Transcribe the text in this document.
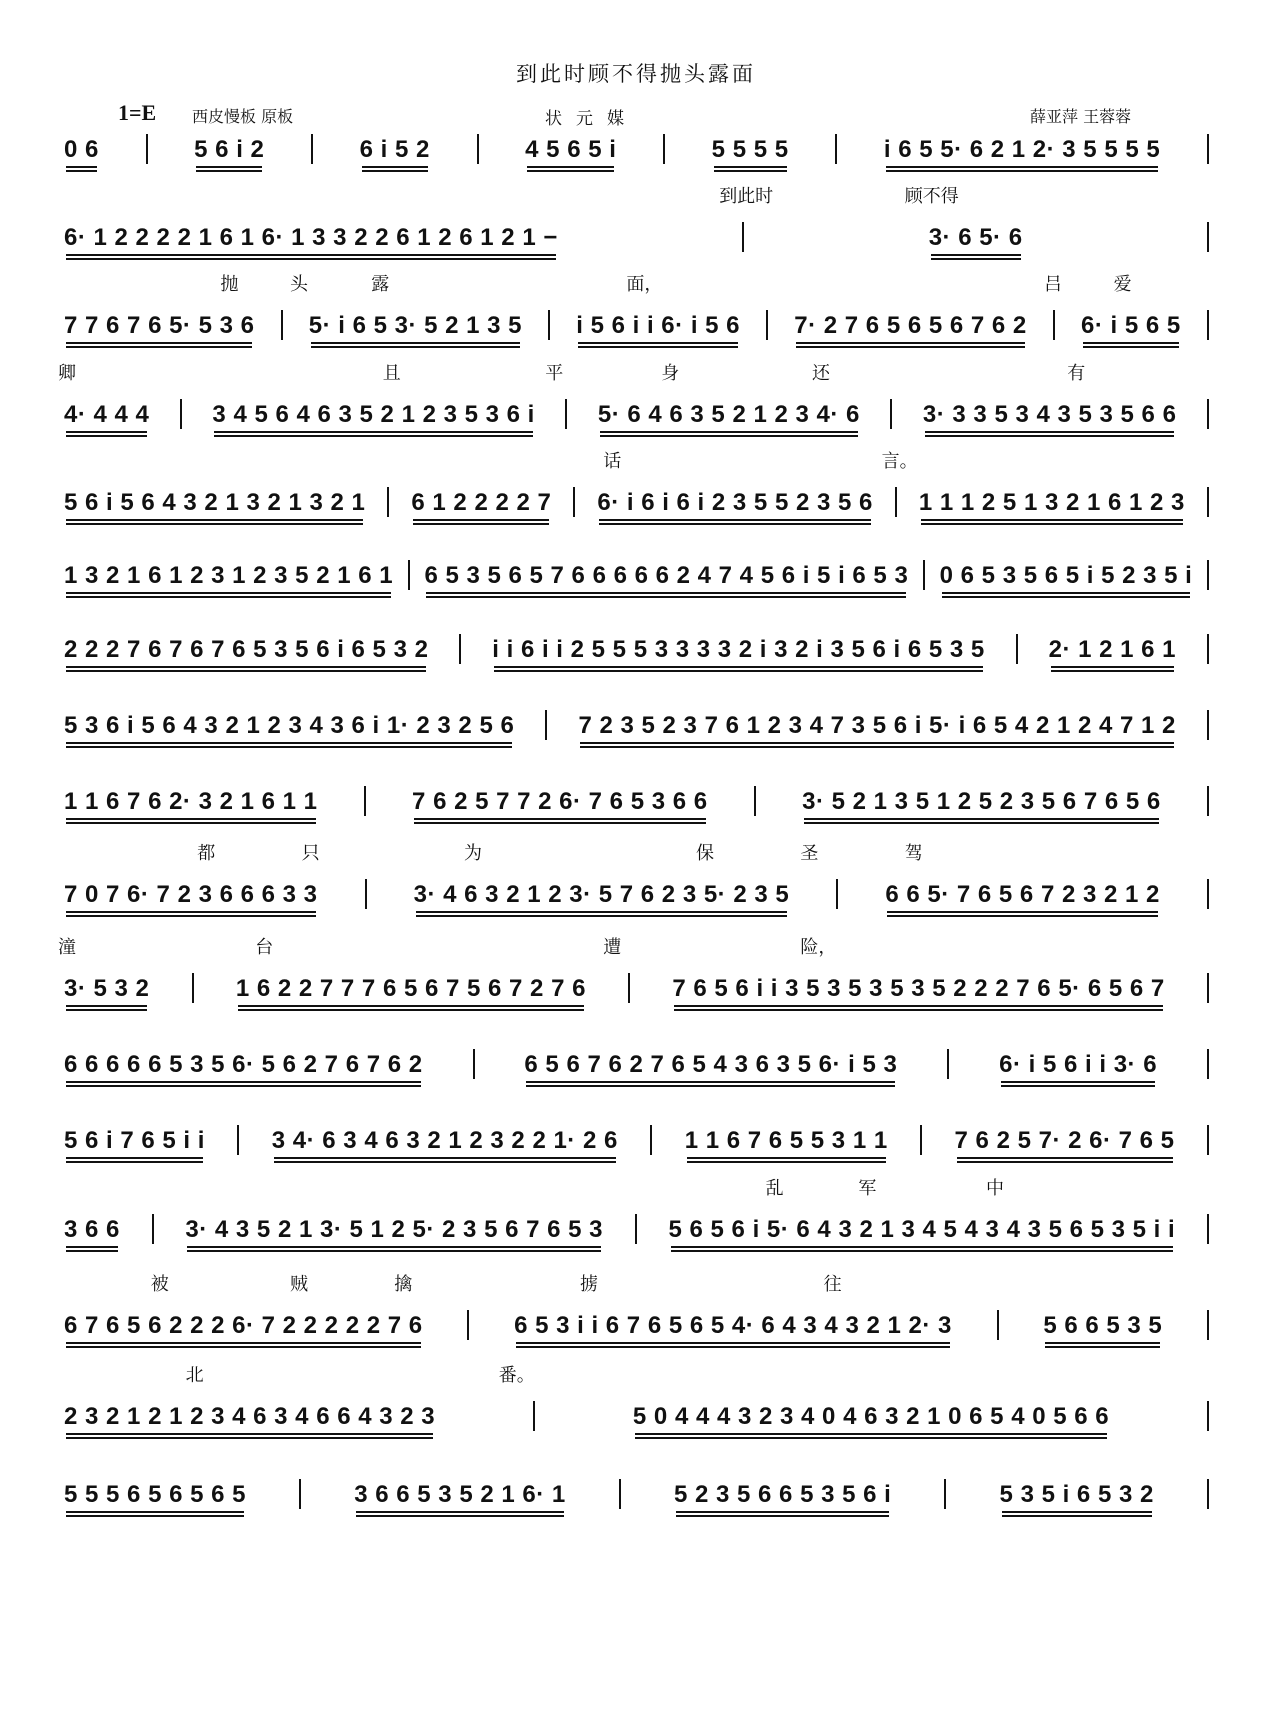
到此时顾不得抛头露面
1=E 西皮慢板 原板	状元媒	薛亚萍 王蓉蓉
0 6	5 6 i 2	6 i 5 2	4 5 6 5 i	5 5 5 5	i 6 5 5· 6 2 1 2· 3 5 5 5 5
到此时	顾不得
6· 1 2 2 2 2 1 6 1 6· 1 3 3 2 2 6 1 2 6 1 2 1 −	3· 6 5· 6
抛	头	露	面，	吕	爱
7 7 6 7 6 5· 5 3 6 5· i 6 5 3· 5 2 1 3 5 i 5 6 i i 6· i 5 6 7· 2 7 6 5 6 5 6 7 6 2 6· i 5 6 5
卿	且	平	身	还	有
4· 4 4 4	3 4 5 6 4 6 3 5 2 1 2 3 5 3 6 i	5· 6 4 6 3 5 2 1 2 3 4· 6	3· 3 3 5 3 4 3 5 3 5 6 6
话	言。
5 6 i 5 6 4 3 2 1 3 2 1 3 2 1 6 1 2 2 2 2 7 6· i 6 i 6 i 2 3 5 5 2 3 5 6 1 1 1 2 5 1 3 2 1 6 1 2 3
1 3 2 1 6 1 2 3 1 2 3 5 2 1 6 1 6 5 3 5 6 5 7 6 6 6 6 6 2 4 7 4 5 6 i 5 i 6 5 3 0 6 5 3 5 6 5 i 5 2 3 5 i
2 2 2 7 6 7 6 7 6 5 3 5 6 i 6 5 3 2	i i 6 i i 2 5 5 5 3 3 3 3 2 i 3 2 i 3 5 6 i 6 5 3 5	2· 1 2 1 6 1
5 3 6 i 5 6 4 3 2 1 2 3 4 3 6 i 1· 2 3 2 5 6	7 2 3 5 2 3 7 6 1 2 3 4 7 3 5 6 i 5· i 6 5 4 2 1 2 4 7 1 2
1 1 6 7 6 2· 3 2 1 6 1 1	7 6 2 5 7 7 2 6· 7 6 5 3 6 6	3· 5 2 1 3 5 1 2 5 2 3 5 6 7 6 5 6
都	只	为	保	圣	驾
7 0 7 6· 7 2 3 6 6 6 3 3	3· 4 6 3 2 1 2 3· 5 7 6 2 3 5· 2 3 5	6 6 5· 7 6 5 6 7 2 3 2 1 2
潼	台	遭	险，
3· 5 3 2	1 6 2 2 7 7 7 6 5 6 7 5 6 7 2 7 6	7 6 5 6 i i 3 5 3 5 3 5 3 5 2 2 2 7 6 5· 6 5 6 7
6 6 6 6 6 5 3 5 6· 5 6 2 7 6 7 6 2	6 5 6 7 6 2 7 6 5 4 3 6 3 5 6· i 5 3	6· i 5 6 i i 3· 6
5 6 i 7 6 5 i i	3 4· 6 3 4 6 3 2 1 2 3 2 2 1· 2 6	1 1 6 7 6 5 5 3 1 1	7 6 2 5 7· 2 6· 7 6 5
乱	军	中
3 6 6	3· 4 3 5 2 1 3· 5 1 2 5· 2 3 5 6 7 6 5 3	5 6 5 6 i 5· 6 4 3 2 1 3 4 5 4 3 4 3 5 6 5 3 5 i i
被	贼	擒	掳	往
6 7 6 5 6 2 2 2 6· 7 2 2 2 2 2 7 6	6 5 3 i i 6 7 6 5 6 5 4· 6 4 3 4 3 2 1 2· 3	5 6 6 5 3 5
北	番。
2 3 2 1 2 1 2 3 4 6 3 4 6 6 4 3 2 3	5 0 4 4 4 3 2 3 4 0 4 6 3 2 1 0 6 5 4 0 5 6 6
5 5 5 6 5 6 5 6 5	3 6 6 5 3 5 2 1 6· 1	5 2 3 5 6 6 5 3 5 6 i	5 3 5 i 6 5 3 2
